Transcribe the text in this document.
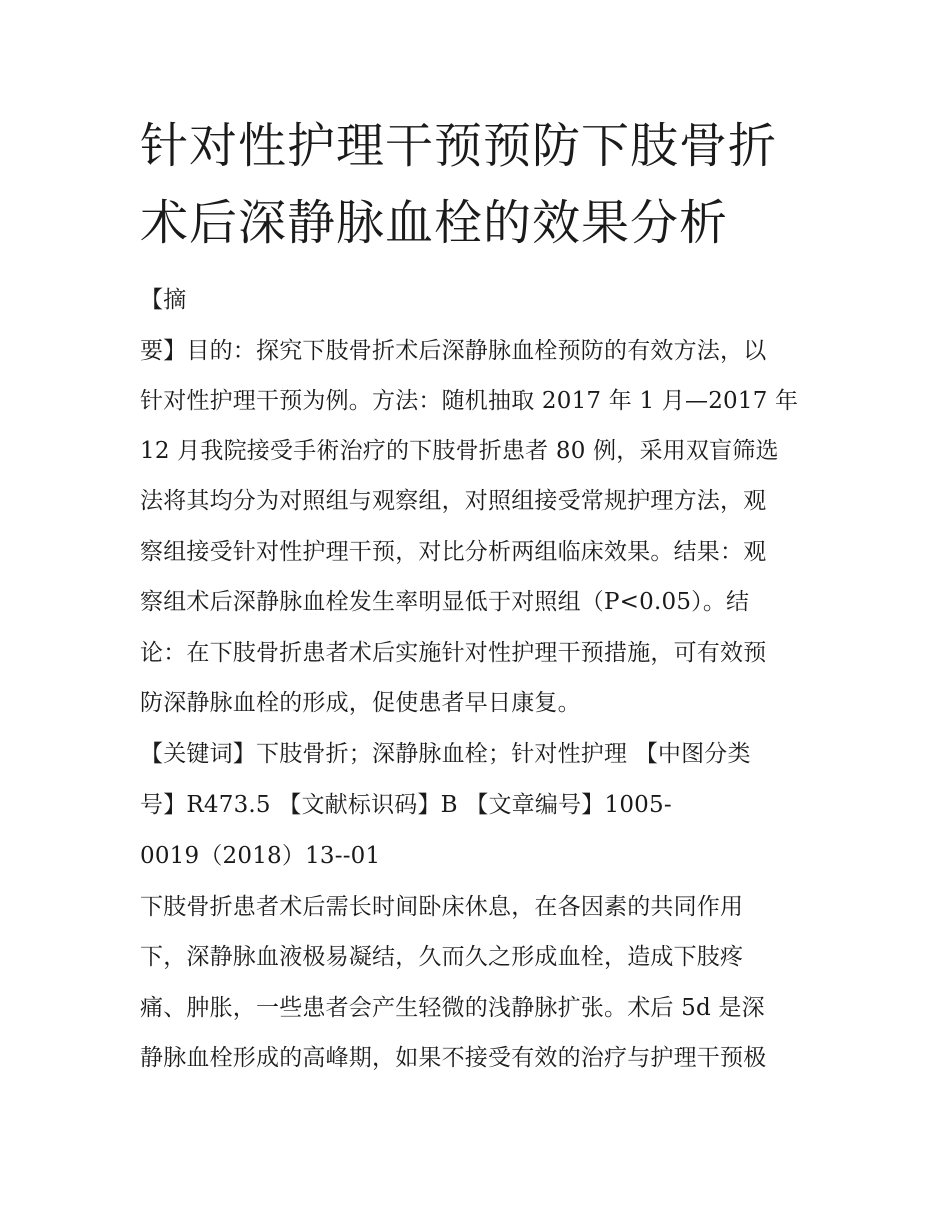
针对性护理干预预防下肢骨折
术后深静脉血栓的效果分析
【摘
要】目的：探究下肢骨折术后深静脉血栓预防的有效方法，以
针对性护理干预为例。方法：随机抽取 2017 年 1 月—2017 年
12 月我院接受手術治疗的下肢骨折患者 80 例，采用双盲筛选
法将其均分为对照组与观察组，对照组接受常规护理方法，观
察组接受针对性护理干预，对比分析两组临床效果。结果：观
察组术后深静脉血栓发生率明显低于对照组（P<0.05）。结
论：在下肢骨折患者术后实施针对性护理干预措施，可有效预
防深静脉血栓的形成，促使患者早日康复。
【关键词】下肢骨折；深静脉血栓；针对性护理 【中图分类
号】R473.5 【文献标识码】B 【文章编号】1005-
0019（2018）13--01
下肢骨折患者术后需长时间卧床休息，在各因素的共同作用
下，深静脉血液极易凝结，久而久之形成血栓，造成下肢疼
痛、肿胀，一些患者会产生轻微的浅静脉扩张。术后 5d 是深
静脉血栓形成的高峰期，如果不接受有效的治疗与护理干预极
